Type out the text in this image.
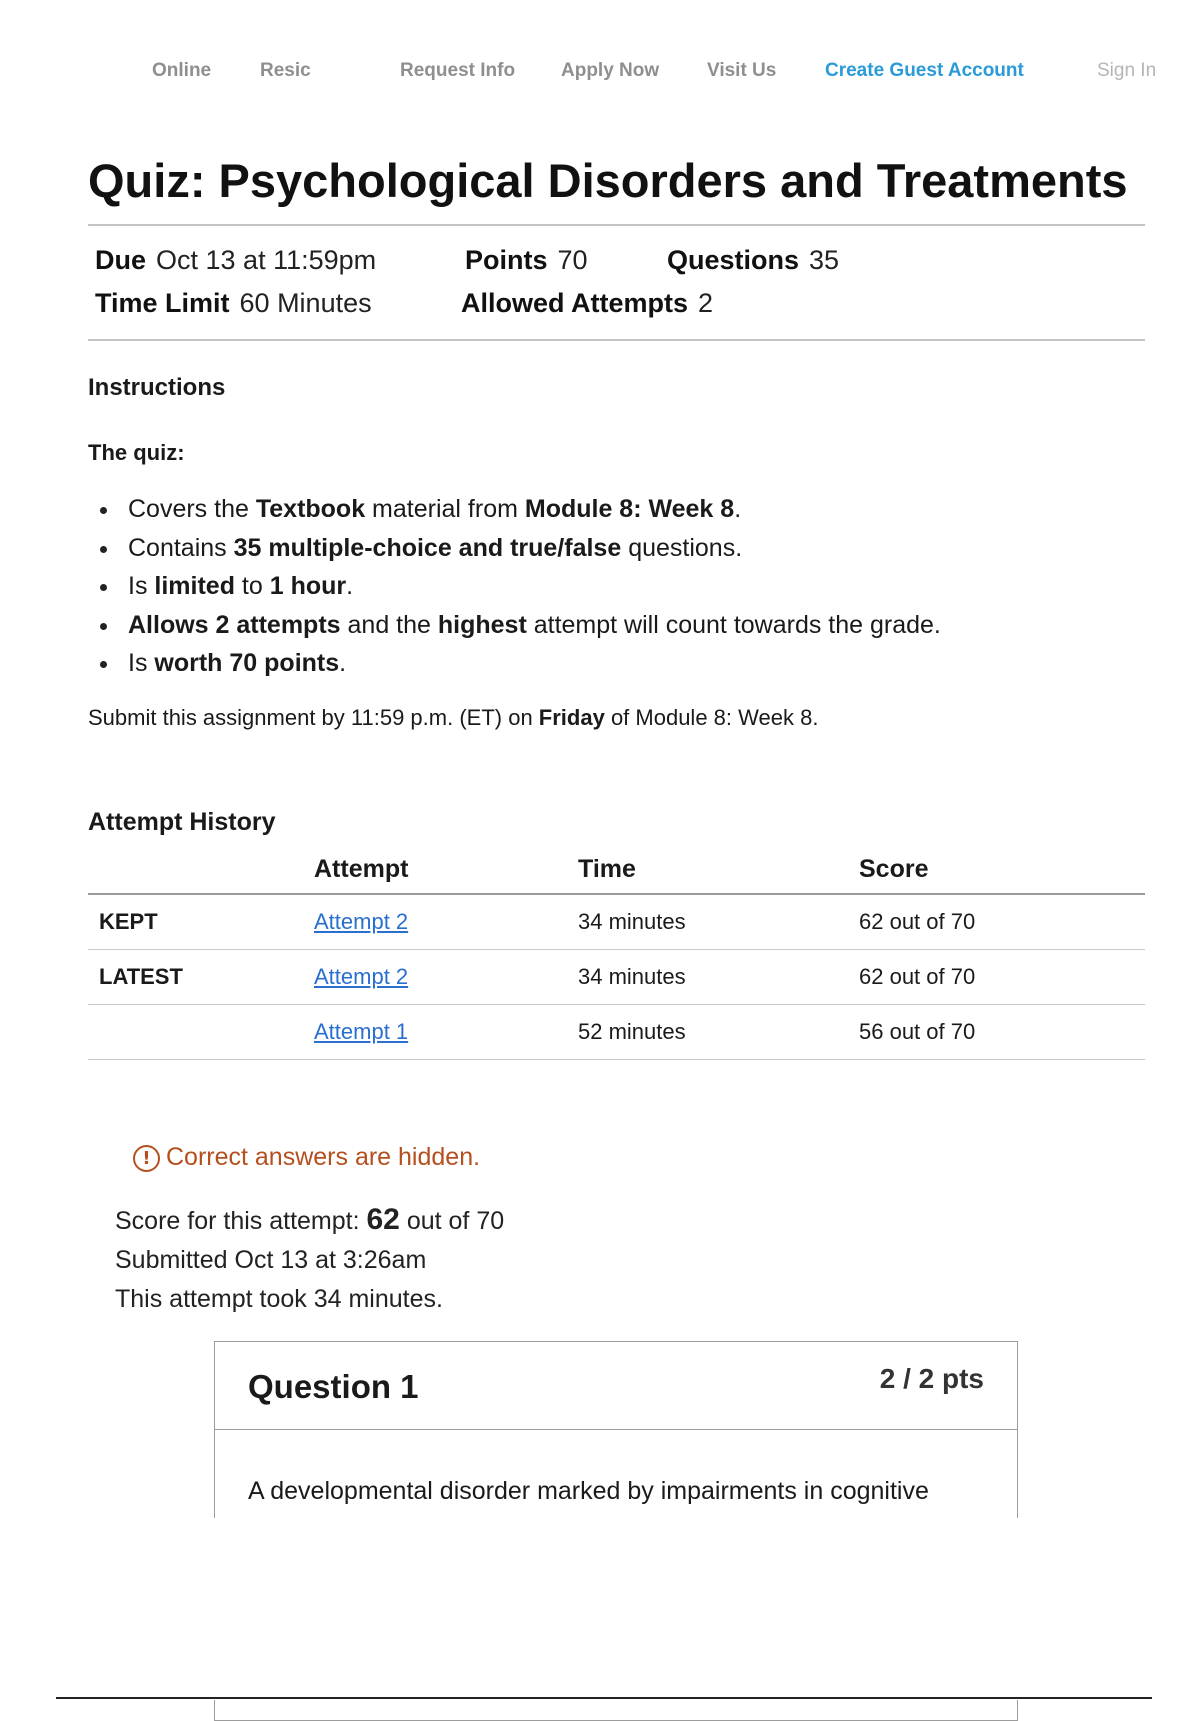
Online	Resic	Request Info Apply Now	Visit Us	Create Guest Account	Sign In
Quiz: Psychological Disorders and Treatments
Due Oct 13 at 11:59pm	Points 70	Questions 35
Time Limit 60 Minutes	Allowed Attempts 2
Instructions
The quiz:
Covers the Textbook material from Module 8: Week 8.
Contains 35 multiple-choice and true/false questions.
Is limited to 1 hour.
Allows 2 attempts and the highest attempt will count towards the grade.
Is worth 70 points.

Submit this assignment by 11:59 p.m. (ET) on Friday of Module 8: Week 8.

Attempt History
	Attempt	Time	Score
KEPT	Attempt 2	34 minutes	62 out of 70
LATEST	Attempt 2	34 minutes	62 out of 70
	Attempt 1	52 minutes	56 out of 70
! Correct answers are hidden.
Score for this attempt: 62 out of 70
Submitted Oct 13 at 3:26am
This attempt took 34 minutes.
Question 1	2 / 2 pts
A developmental disorder marked by impairments in cognitive
